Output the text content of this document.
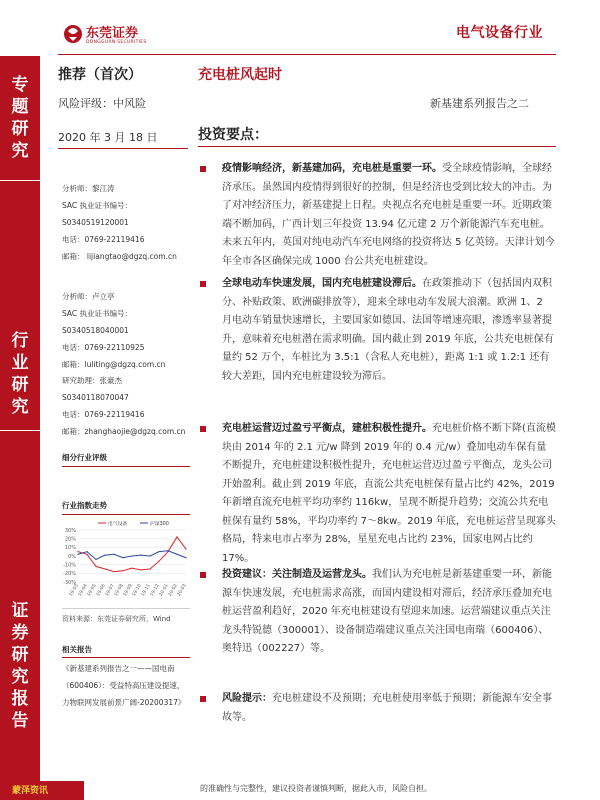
东莞证券
DONGGUAN SECURITIES
电气设备行业
专题研究
行业研究
证券研究报告
推荐（首次）	充电桩风起时
风险评级：中风险	新基建系列报告之二
2020 年 3 月 18 日	投资要点：
分析师：黎江涛
SAC 执业证书编号：
S0340519120001
电话：0769-22119416
邮箱： lijiangtao@dgzq.com.cn
分析师：卢立亭
SAC 执业证书编号：
S0340518040001
电话：0769-22110925
邮箱：luliting@dgzq.com.cn
研究助理：张豪杰
S0340118070047
电话：0769-22119416
邮箱：zhanghaojie@dgzq.com.cn
细分行业评级
行业指数走势
30%
20%
10%
0%
-10%
-20%
-30%
19-03
19-04
19-05
19-06
19-07
19-08
19-09
19-10
19-11
19-12
20-01
20-02
20-03
电气设备	沪深300
资料来源：东莞证券研究所，Wind
相关报告
《新基建系列报告之一——国电南
（600406）：受益特高压建设提速，
力物联网发展前景广阔-20200317》

疫情影响经济，新基建加码，充电桩是重要一环。受全球疫情影响，全球经济承压。虽然国内疫情得到很好的控制，但是经济也受到比较大的冲击。为了对冲经济压力，新基建提上日程。央视点名充电桩是重要一环。近期政策端不断加码，广西计划三年投资 13.94 亿元建 2 万个新能源汽车充电桩。未来五年内，英国对纯电动汽车充电网络的投资将达 5 亿英镑。天津计划今年全市各区确保完成 1000 台公共充电桩建设。

全球电动车快速发展，国内充电桩建设滞后。在政策推动下（包括国内双积分、补贴政策、欧洲碳排放等），迎来全球电动车发展大浪潮。欧洲 1、2 月电动车销量快速增长，主要国家如德国、法国等增速亮眼，渗透率显著提升，意味着充电桩潜在需求明确。国内截止到 2019 年底，公共充电桩保有量约 52 万个，车桩比为 3.5:1（含私人充电桩），距离 1:1 或 1.2:1 还有较大差距，国内充电桩建设较为滞后。

充电桩运营迈过盈亏平衡点，建桩积极性提升。充电桩价格不断下降(直流模块由 2014 年的 2.1 元/w 降到 2019 年的 0.4 元/w）叠加电动车保有量不断提升，充电桩建设积极性提升，充电桩运营迈过盈亏平衡点，龙头公司开始盈利。截止到 2019 年底，直流公共充电桩保有量占比约 42%，2019 年新增直流充电桩平均功率约 116kw，呈现不断提升趋势；交流公共充电桩保有量约 58%，平均功率约 7～8kw。2019 年底，充电桩运营呈现寡头格局，特来电市占率为 28%，星星充电占比约 23%，国家电网占比约 17%。

投资建议：关注制造及运营龙头。我们认为充电桩是新基建重要一环，新能源车快速发展，充电桩需求高涨，而国内建设相对滞后，经济承压叠加充电桩运营盈利趋好，2020 年充电桩建设有望迎来加速。运营端建议重点关注龙头特锐德（300001）、设备制造端建议重点关注国电南瑞（600406）、奥特迅（002227）等。

风险提示：充电桩建设不及预期；充电桩使用率低于预期；新能源车安全事故等。

蒙泽资讯	的准确性与完整性，建议投资者谨慎判断，据此入市，风险自担。
